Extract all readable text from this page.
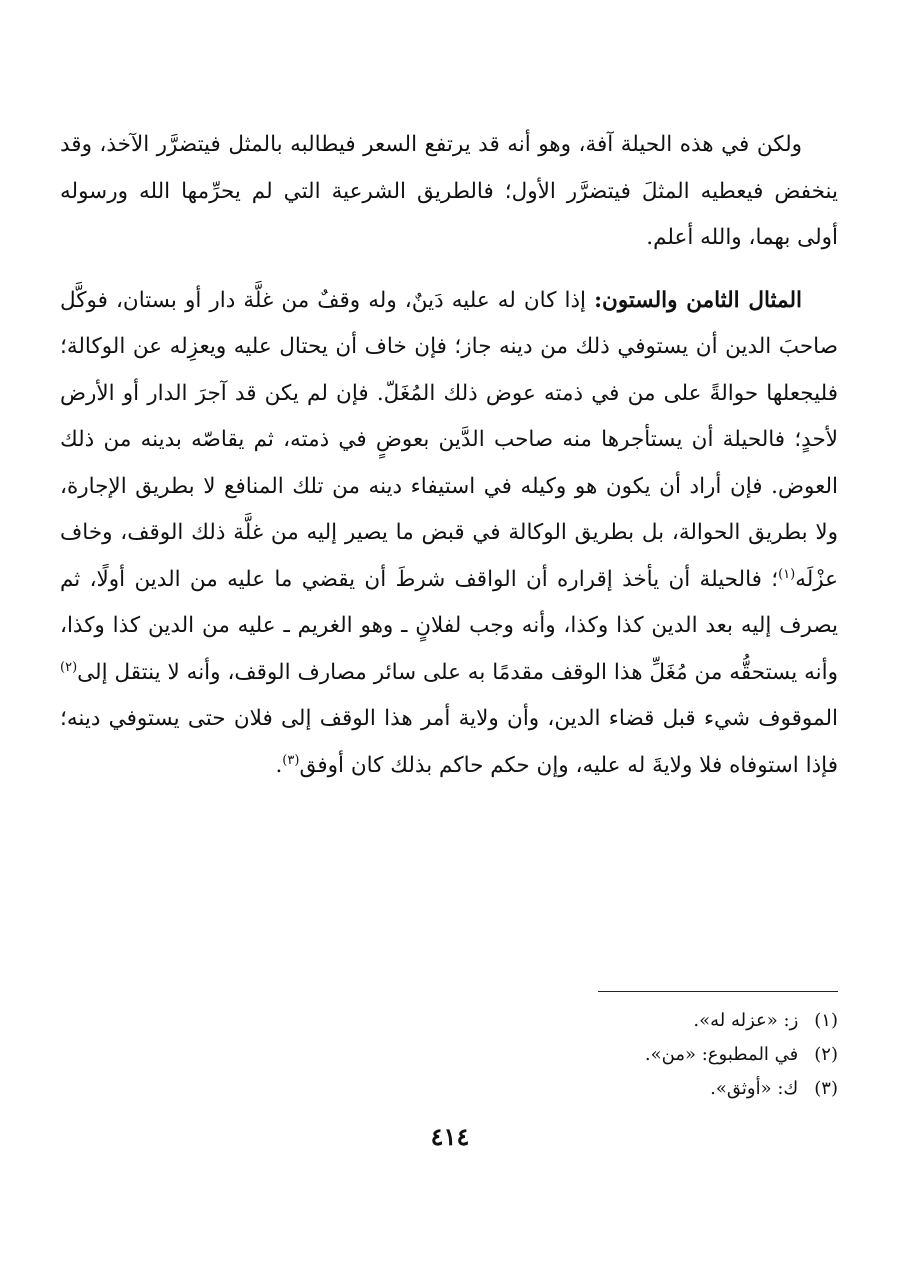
ولكن في هذه الحيلة آفة، وهو أنه قد يرتفع السعر فيطالبه بالمثل فيتضرَّر الآخذ، وقد ينخفض فيعطيه المثلَ فيتضرَّر الأول؛ فالطريق الشرعية التي لم يحرِّمها الله ورسوله أولى بهما، والله أعلم.

المثال الثامن والستون: إذا كان له عليه دَينٌ، وله وقفٌ من غلَّة دار أو بستان، فوكَّل صاحبَ الدين أن يستوفي ذلك من دينه جاز؛ فإن خاف أن يحتال عليه ويعزِله عن الوكالة؛ فليجعلها حوالةً على من في ذمته عوض ذلك المُغَلّ. فإن لم يكن قد آجرَ الدار أو الأرض لأحدٍ؛ فالحيلة أن يستأجرها منه صاحب الدَّين بعوضٍ في ذمته، ثم يقاصّه بدينه من ذلك العوض. فإن أراد أن يكون هو وكيله في استيفاء دينه من تلك المنافع لا بطريق الإجارة، ولا بطريق الحوالة، بل بطريق الوكالة في قبض ما يصير إليه من غلَّة ذلك الوقف، وخاف عزْلَه$^{(١)}$؛ فالحيلة أن يأخذ إقراره أن الواقف شرطَ أن يقضي ما عليه من الدين أولًا، ثم يصرف إليه بعد الدين كذا وكذا، وأنه وجب لفلانٍ ـ وهو الغريم ـ عليه من الدين كذا وكذا، وأنه يستحقُّه من مُغَلِّ هذا الوقف مقدمًا به على سائر مصارف الوقف، وأنه لا ينتقل إلى$^{(٢)}$ الموقوف شيء قبل قضاء الدين، وأن ولاية أمر هذا الوقف إلى فلان حتى يستوفي دينه؛ فإذا استوفاه فلا ولايةَ له عليه، وإن حكم حاكم بذلك كان أوفق$^{(٣)}$.

(١) ز: «عزله له».
(٢) في المطبوع: «من».
(٣) ك: «أوثق».
٤١٤
